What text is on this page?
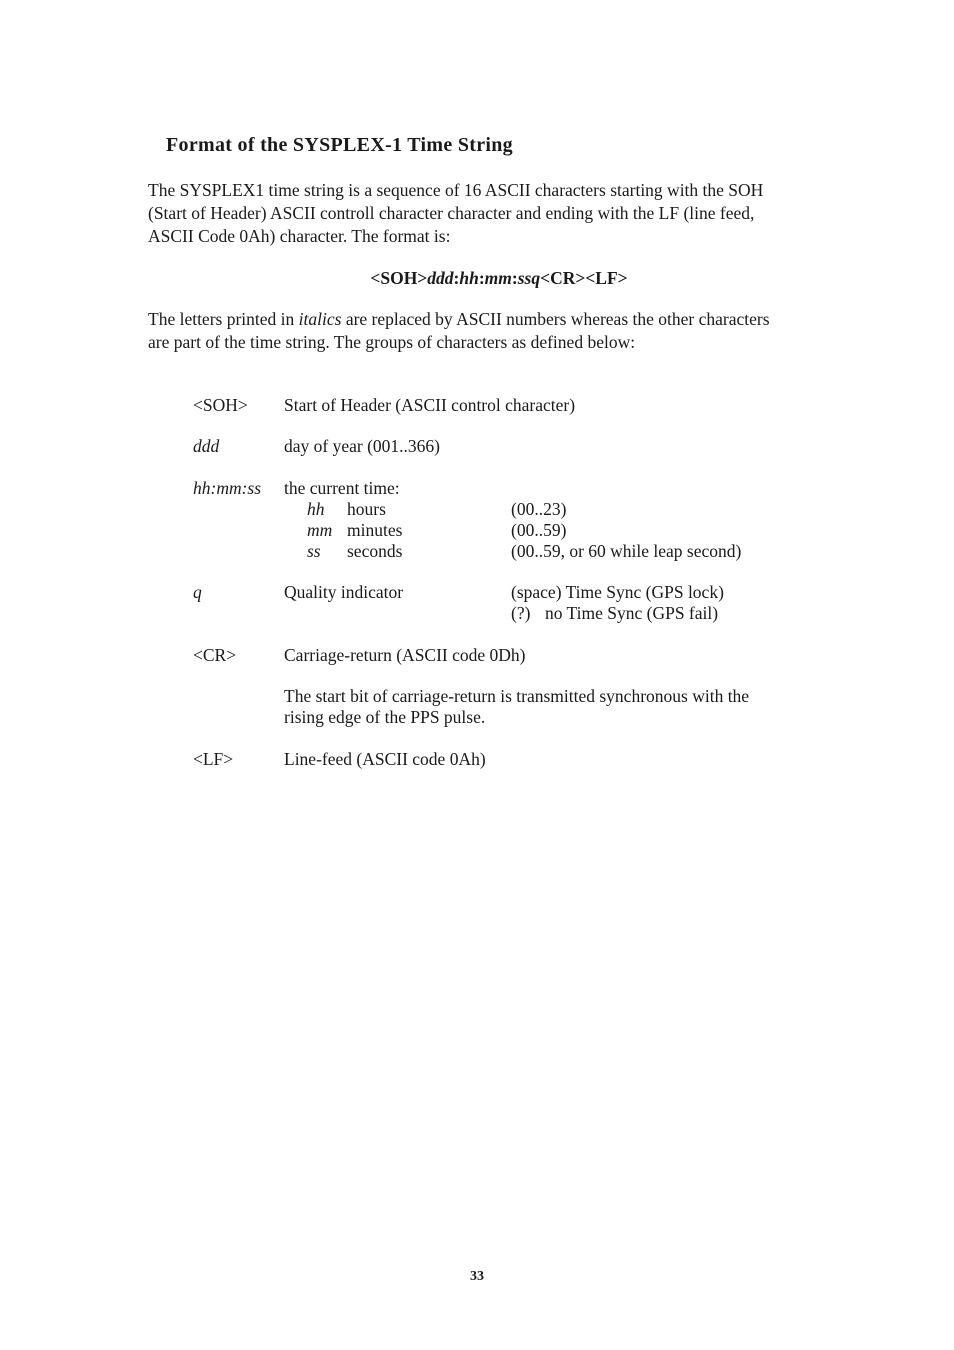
Format of the SYSPLEX-1 Time String
The SYSPLEX1 time string is a sequence of 16 ASCII characters starting with the SOH
(Start of Header) ASCII controll character character and ending with the LF (line feed,
ASCII Code 0Ah) character. The format is:
<SOH>ddd:hh:mm:ssq<CR><LF>
The letters printed in italics are replaced by ASCII numbers whereas the other characters
are part of the time string. The groups of characters as defined below:
<SOH> Start of Header (ASCII control character)
ddd	day of year (001..366)
hh:mm:ss the current time:
hh hours	(00..23)
mm minutes	(00..59)
ss seconds	(00..59, or 60 while leap second)
q	Quality indicator	(space) Time Sync (GPS lock)
(?) no Time Sync (GPS fail)
<CR>	Carriage-return (ASCII code 0Dh)
The start bit of carriage-return is transmitted synchronous with the
rising edge of the PPS pulse.
<LF>	Line-feed (ASCII code 0Ah)
33
